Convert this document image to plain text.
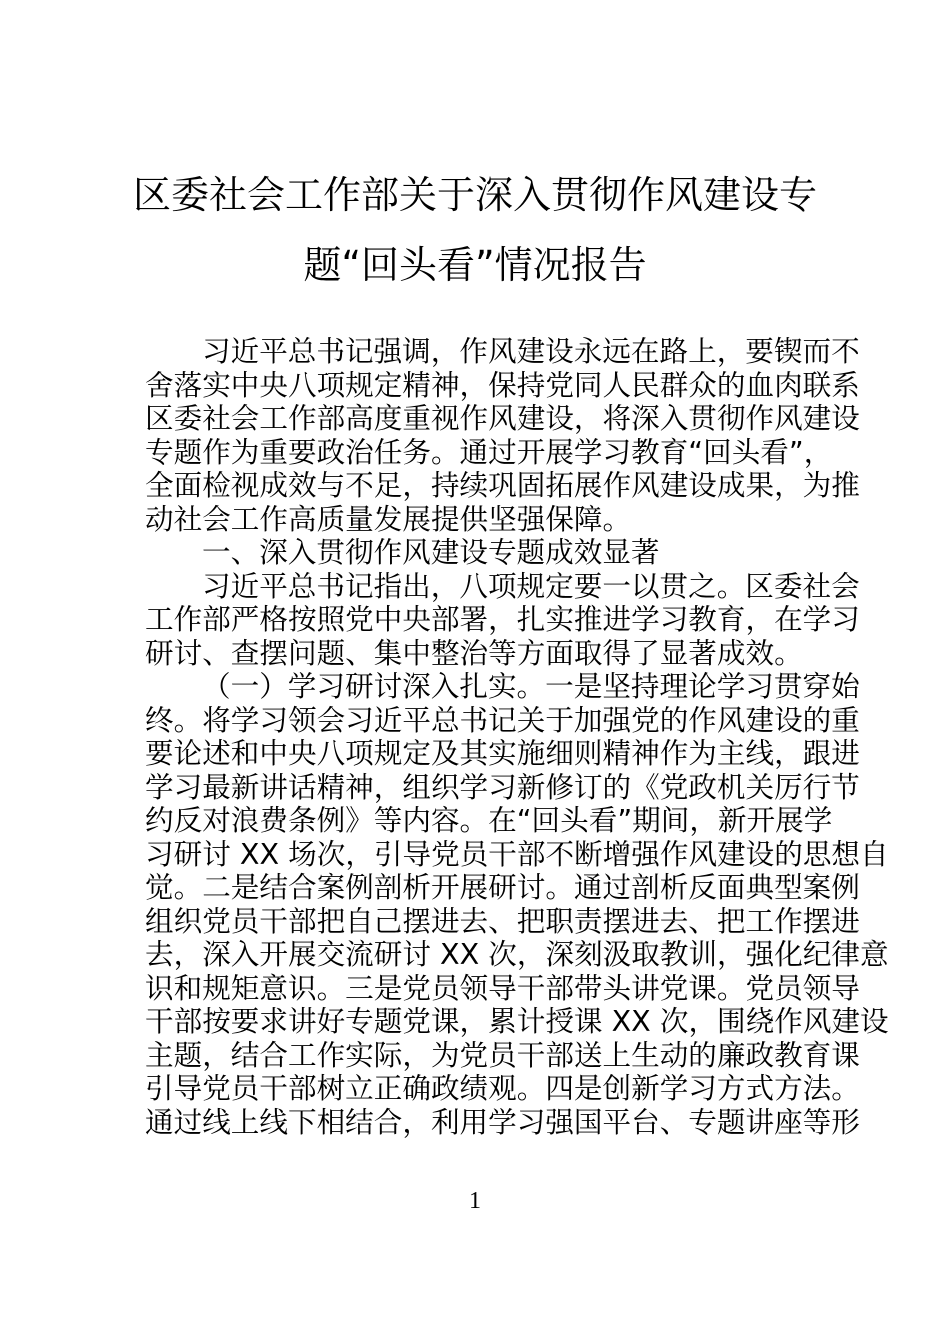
区委社会工作部关于深入贯彻作风建设专
题“回头看”情况报告
习近平总书记强调，作风建设永远在路上，要锲而不
舍落实中央八项规定精神，保持党同人民群众的血肉联系
区委社会工作部高度重视作风建设，将深入贯彻作风建设
专题作为重要政治任务。通过开展学习教育“回头看”，
全面检视成效与不足，持续巩固拓展作风建设成果，为推
动社会工作高质量发展提供坚强保障。
一、深入贯彻作风建设专题成效显著
习近平总书记指出，八项规定要一以贯之。区委社会
工作部严格按照党中央部署，扎实推进学习教育，在学习
研讨、查摆问题、集中整治等方面取得了显著成效。
（一）学习研讨深入扎实。一是坚持理论学习贯穿始
终。将学习领会习近平总书记关于加强党的作风建设的重
要论述和中央八项规定及其实施细则精神作为主线，跟进
学习最新讲话精神，组织学习新修订的《党政机关厉行节
约反对浪费条例》等内容。在“回头看”期间，新开展学
习研讨 XX 场次，引导党员干部不断增强作风建设的思想自
觉。二是结合案例剖析开展研讨。通过剖析反面典型案例
组织党员干部把自己摆进去、把职责摆进去、把工作摆进
去，深入开展交流研讨 XX 次，深刻汲取教训，强化纪律意
识和规矩意识。三是党员领导干部带头讲党课。党员领导
干部按要求讲好专题党课，累计授课 XX 次，围绕作风建设
主题，结合工作实际，为党员干部送上生动的廉政教育课
引导党员干部树立正确政绩观。四是创新学习方式方法。
通过线上线下相结合，利用学习强国平台、专题讲座等形
1
